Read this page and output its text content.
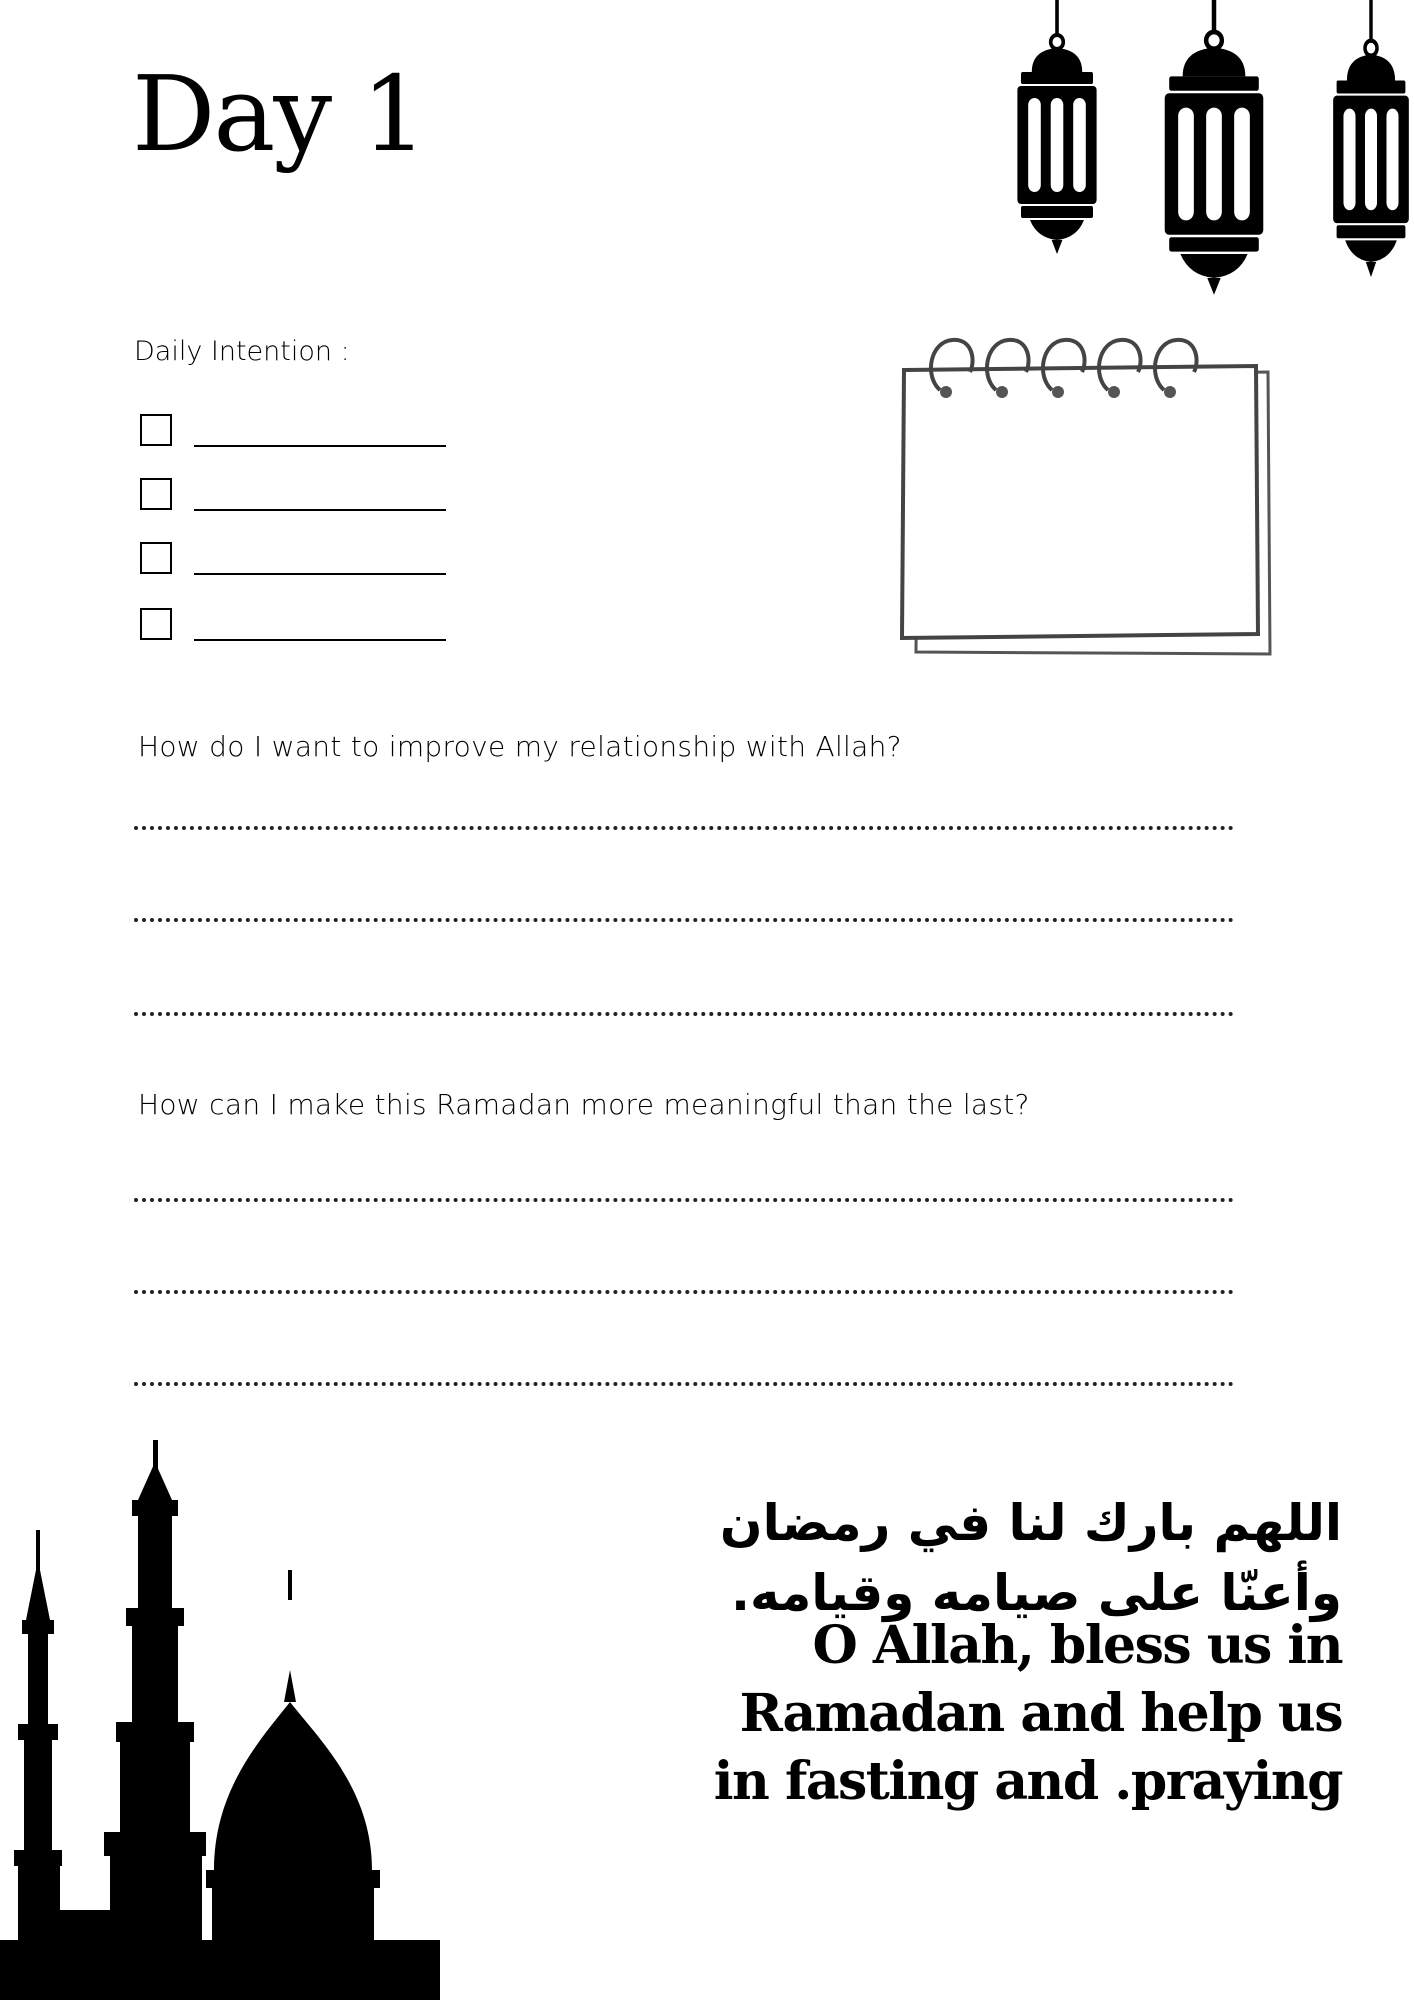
Day 1
Daily Intention :
How do I want to improve my relationship with Allah?
How can I make this Ramadan more meaningful than the last?
اللهم بارك لنا في رمضان
وأعنّا على صيامه وقيامه.
O Allah, bless us in Ramadan and help us in fasting and .praying
